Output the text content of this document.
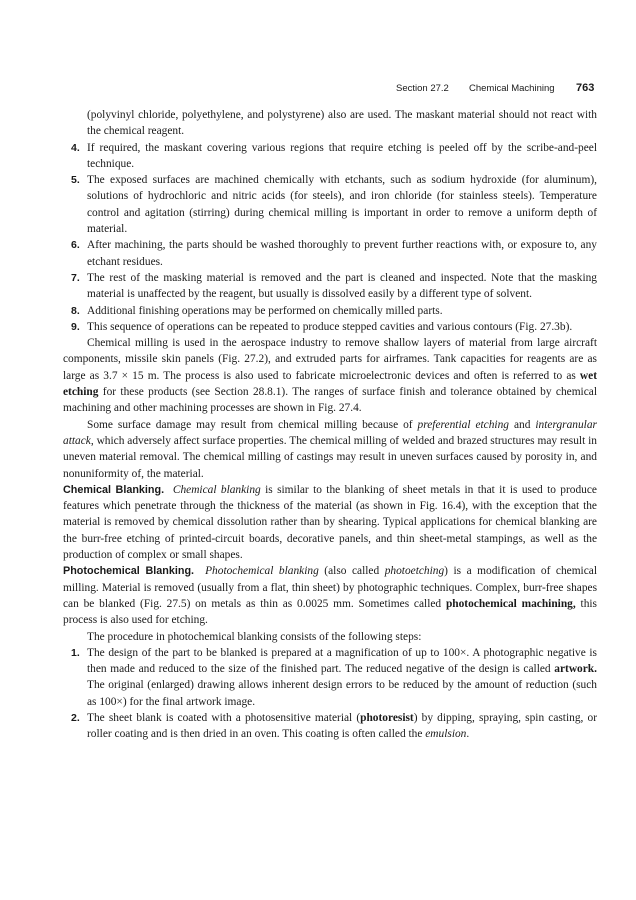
Section 27.2 Chemical Machining 763

(polyvinyl chloride, polyethylene, and polystyrene) also are used. The maskant material should not react with the chemical reagent.

4. If required, the maskant covering various regions that require etching is peeled off by the scribe-and-peel technique.
5. The exposed surfaces are machined chemically with etchants, such as sodium hydroxide (for aluminum), solutions of hydrochloric and nitric acids (for steels), and iron chloride (for stainless steels). Temperature control and agitation (stirring) during chemical milling is important in order to remove a uniform depth of material.
6. After machining, the parts should be washed thoroughly to prevent further reactions with, or exposure to, any etchant residues.
7. The rest of the masking material is removed and the part is cleaned and inspected. Note that the masking material is unaffected by the reagent, but usually is dissolved easily by a different type of solvent.
8. Additional finishing operations may be performed on chemically milled parts.
9. This sequence of operations can be repeated to produce stepped cavities and various contours (Fig. 27.3b).

Chemical milling is used in the aerospace industry to remove shallow layers of material from large aircraft components, missile skin panels (Fig. 27.2), and extruded parts for airframes. Tank capacities for reagents are as large as 3.7 × 15 m. The process is also used to fabricate microelectronic devices and often is referred to as wet etching for these products (see Section 28.8.1). The ranges of surface finish and tolerance obtained by chemical machining and other machining processes are shown in Fig. 27.4.

Some surface damage may result from chemical milling because of preferential etching and intergranular attack, which adversely affect surface properties. The chemical milling of welded and brazed structures may result in uneven material removal. The chemical milling of castings may result in uneven surfaces caused by porosity in, and nonuniformity of, the material.

Chemical Blanking. Chemical blanking is similar to the blanking of sheet metals in that it is used to produce features which penetrate through the thickness of the material (as shown in Fig. 16.4), with the exception that the material is removed by chemical dissolution rather than by shearing. Typical applications for chemical blanking are the burr-free etching of printed-circuit boards, decorative panels, and thin sheet-metal stampings, as well as the production of complex or small shapes.

Photochemical Blanking. Photochemical blanking (also called photoetching) is a modification of chemical milling. Material is removed (usually from a flat, thin sheet) by photographic techniques. Complex, burr-free shapes can be blanked (Fig. 27.5) on metals as thin as 0.0025 mm. Sometimes called photochemical machining, this process is also used for etching.

The procedure in photochemical blanking consists of the following steps:

1. The design of the part to be blanked is prepared at a magnification of up to 100×. A photographic negative is then made and reduced to the size of the finished part. The reduced negative of the design is called artwork. The original (enlarged) drawing allows inherent design errors to be reduced by the amount of reduction (such as 100×) for the final artwork image.
2. The sheet blank is coated with a photosensitive material (photoresist) by dipping, spraying, spin casting, or roller coating and is then dried in an oven. This coating is often called the emulsion.
